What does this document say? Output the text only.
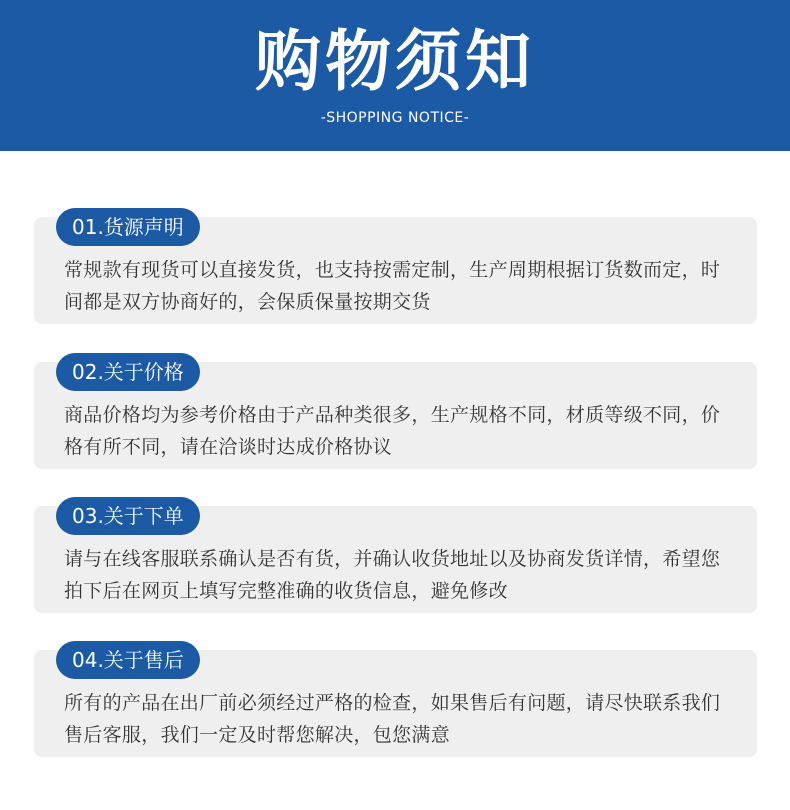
购物须知
-SHOPPING NOTICE-
01.货源声明
常规款有现货可以直接发货，也支持按需定制，生产周期根据订货数而定，时间都是双方协商好的，会保质保量按期交货
02.关于价格
商品价格均为参考价格由于产品种类很多，生产规格不同，材质等级不同，价格有所不同，请在洽谈时达成价格协议
03.关于下单
请与在线客服联系确认是否有货，并确认收货地址以及协商发货详情，希望您拍下后在网页上填写完整准确的收货信息，避免修改
04.关于售后
所有的产品在出厂前必须经过严格的检查，如果售后有问题，请尽快联系我们售后客服，我们一定及时帮您解决，包您满意
